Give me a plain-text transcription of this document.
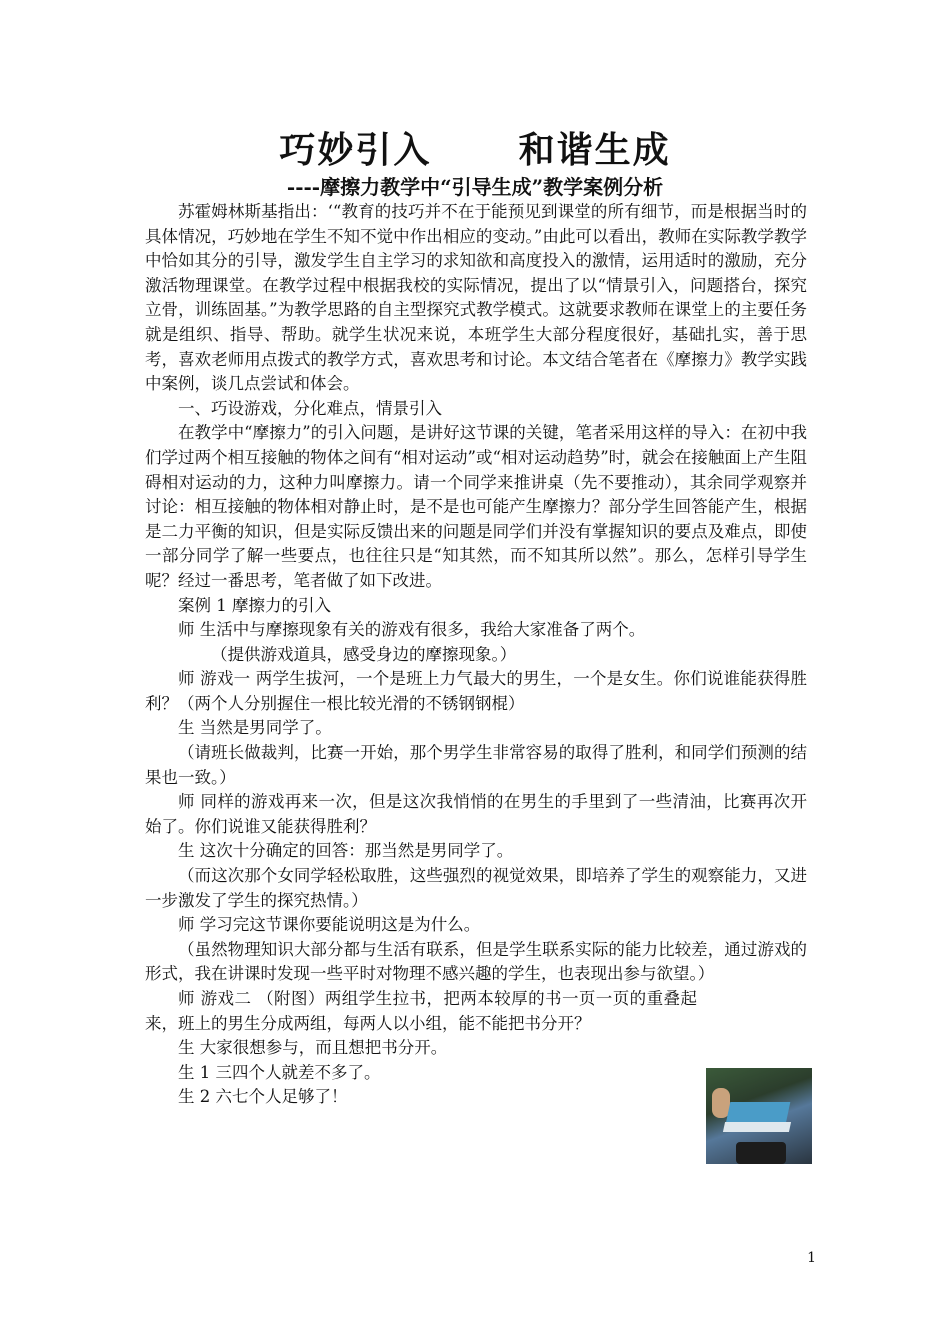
巧妙引入      和谐生成
----摩擦力教学中“引导生成”教学案例分析

苏霍姆林斯基指出：‘“教育的技巧并不在于能预见到课堂的所有细节，而是根据当时的具体情况，巧妙地在学生不知不觉中作出相应的变动。”由此可以看出，教师在实际教学教学中恰如其分的引导，激发学生自主学习的求知欲和高度投入的激情，运用适时的激励，充分激活物理课堂。在教学过程中根据我校的实际情况，提出了以“情景引入，问题搭台，探究立骨，训练固基。”为教学思路的自主型探究式教学模式。这就要求教师在课堂上的主要任务就是组织、指导、帮助。就学生状况来说，本班学生大部分程度很好，基础扎实，善于思考，喜欢老师用点拨式的教学方式，喜欢思考和讨论。本文结合笔者在《摩擦力》教学实践中案例，谈几点尝试和体会。

一、巧设游戏，分化难点，情景引入

在教学中“摩擦力”的引入问题，是讲好这节课的关键，笔者采用这样的导入：在初中我们学过两个相互接触的物体之间有“相对运动”或“相对运动趋势”时，就会在接触面上产生阻碍相对运动的力，这种力叫摩擦力。请一个同学来推讲桌（先不要推动），其余同学观察并讨论：相互接触的物体相对静止时，是不是也可能产生摩擦力？部分学生回答能产生，根据是二力平衡的知识，但是实际反馈出来的问题是同学们并没有掌握知识的要点及难点，即使一部分同学了解一些要点，也往往只是“知其然，而不知其所以然”。那么，怎样引导学生呢？经过一番思考，笔者做了如下改进。

案例 1 摩擦力的引入

师 生活中与摩擦现象有关的游戏有很多，我给大家准备了两个。

（提供游戏道具，感受身边的摩擦现象。）

师 游戏一 两学生拔河，一个是班上力气最大的男生，一个是女生。你们说谁能获得胜利？（两个人分别握住一根比较光滑的不锈钢钢棍）

生 当然是男同学了。

（请班长做裁判，比赛一开始，那个男学生非常容易的取得了胜利，和同学们预测的结果也一致。）

师 同样的游戏再来一次，但是这次我悄悄的在男生的手里到了一些清油，比赛再次开始了。你们说谁又能获得胜利？

生 这次十分确定的回答：那当然是男同学了。

（而这次那个女同学轻松取胜，这些强烈的视觉效果，即培养了学生的观察能力，又进一步激发了学生的探究热情。）

师 学习完这节课你要能说明这是为什么。

（虽然物理知识大部分都与生活有联系，但是学生联系实际的能力比较差，通过游戏的形式，我在讲课时发现一些平时对物理不感兴趣的学生，也表现出参与欲望。）

师 游戏二 （附图）两组学生拉书，把两本较厚的书一页一页的重叠起来，班上的男生分成两组，每两人以小组，能不能把书分开？

生 大家很想参与，而且想把书分开。

生 1 三四个人就差不多了。

生 2 六七个人足够了！

1
